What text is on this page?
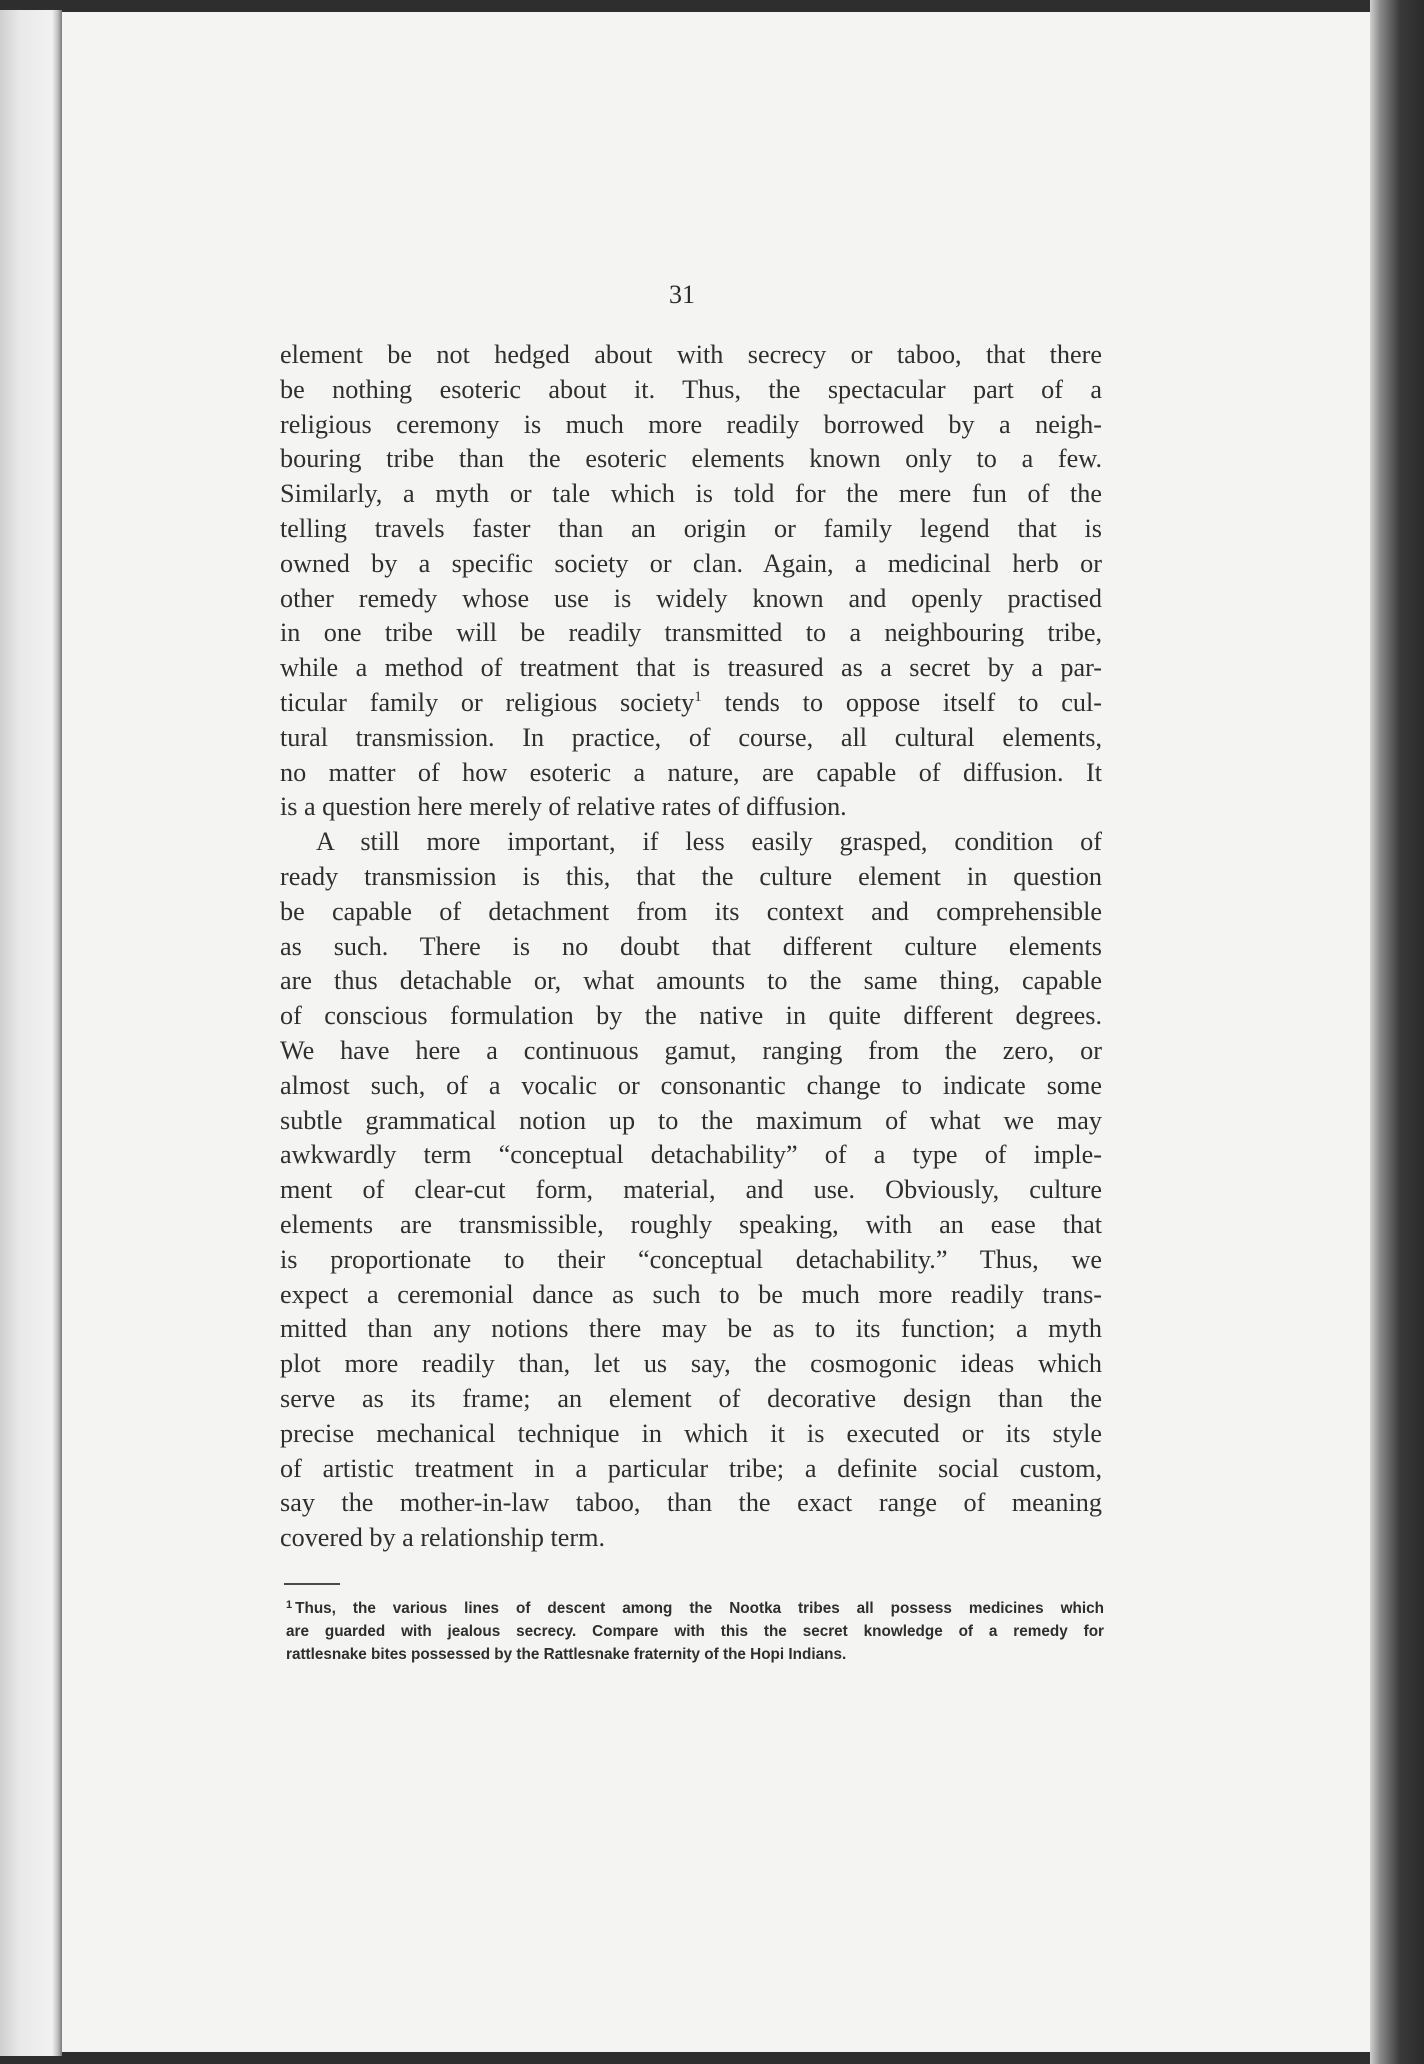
31
element be not hedged about with secrecy or taboo, that there
be nothing esoteric about it. Thus, the spectacular part of a
religious ceremony is much more readily borrowed by a neigh-
bouring tribe than the esoteric elements known only to a few.
Similarly, a myth or tale which is told for the mere fun of the
telling travels faster than an origin or family legend that is
owned by a specific society or clan. Again, a medicinal herb or
other remedy whose use is widely known and openly practised
in one tribe will be readily transmitted to a neighbouring tribe,
while a method of treatment that is treasured as a secret by a par-
ticular family or religious society$^1$ tends to oppose itself to cul-
tural transmission. In practice, of course, all cultural elements,
no matter of how esoteric a nature, are capable of diffusion. It
is a question here merely of relative rates of diffusion.
A still more important, if less easily grasped, condition of
ready transmission is this, that the culture element in question
be capable of detachment from its context and comprehensible
as such. There is no doubt that different culture elements
are thus detachable or, what amounts to the same thing, capable
of conscious formulation by the native in quite different degrees.
We have here a continuous gamut, ranging from the zero, or
almost such, of a vocalic or consonantic change to indicate some
subtle grammatical notion up to the maximum of what we may
awkwardly term “conceptual detachability” of a type of imple-
ment of clear-cut form, material, and use. Obviously, culture
elements are transmissible, roughly speaking, with an ease that
is proportionate to their “conceptual detachability.” Thus, we
expect a ceremonial dance as such to be much more readily trans-
mitted than any notions there may be as to its function; a myth
plot more readily than, let us say, the cosmogonic ideas which
serve as its frame; an element of decorative design than the
precise mechanical technique in which it is executed or its style
of artistic treatment in a particular tribe; a definite social custom,
say the mother-in-law taboo, than the exact range of meaning
covered by a relationship term.
$^1$ Thus, the various lines of descent among the Nootka tribes all possess medicines which
are guarded with jealous secrecy. Compare with this the secret knowledge of a remedy for
rattlesnake bites possessed by the Rattlesnake fraternity of the Hopi Indians.
